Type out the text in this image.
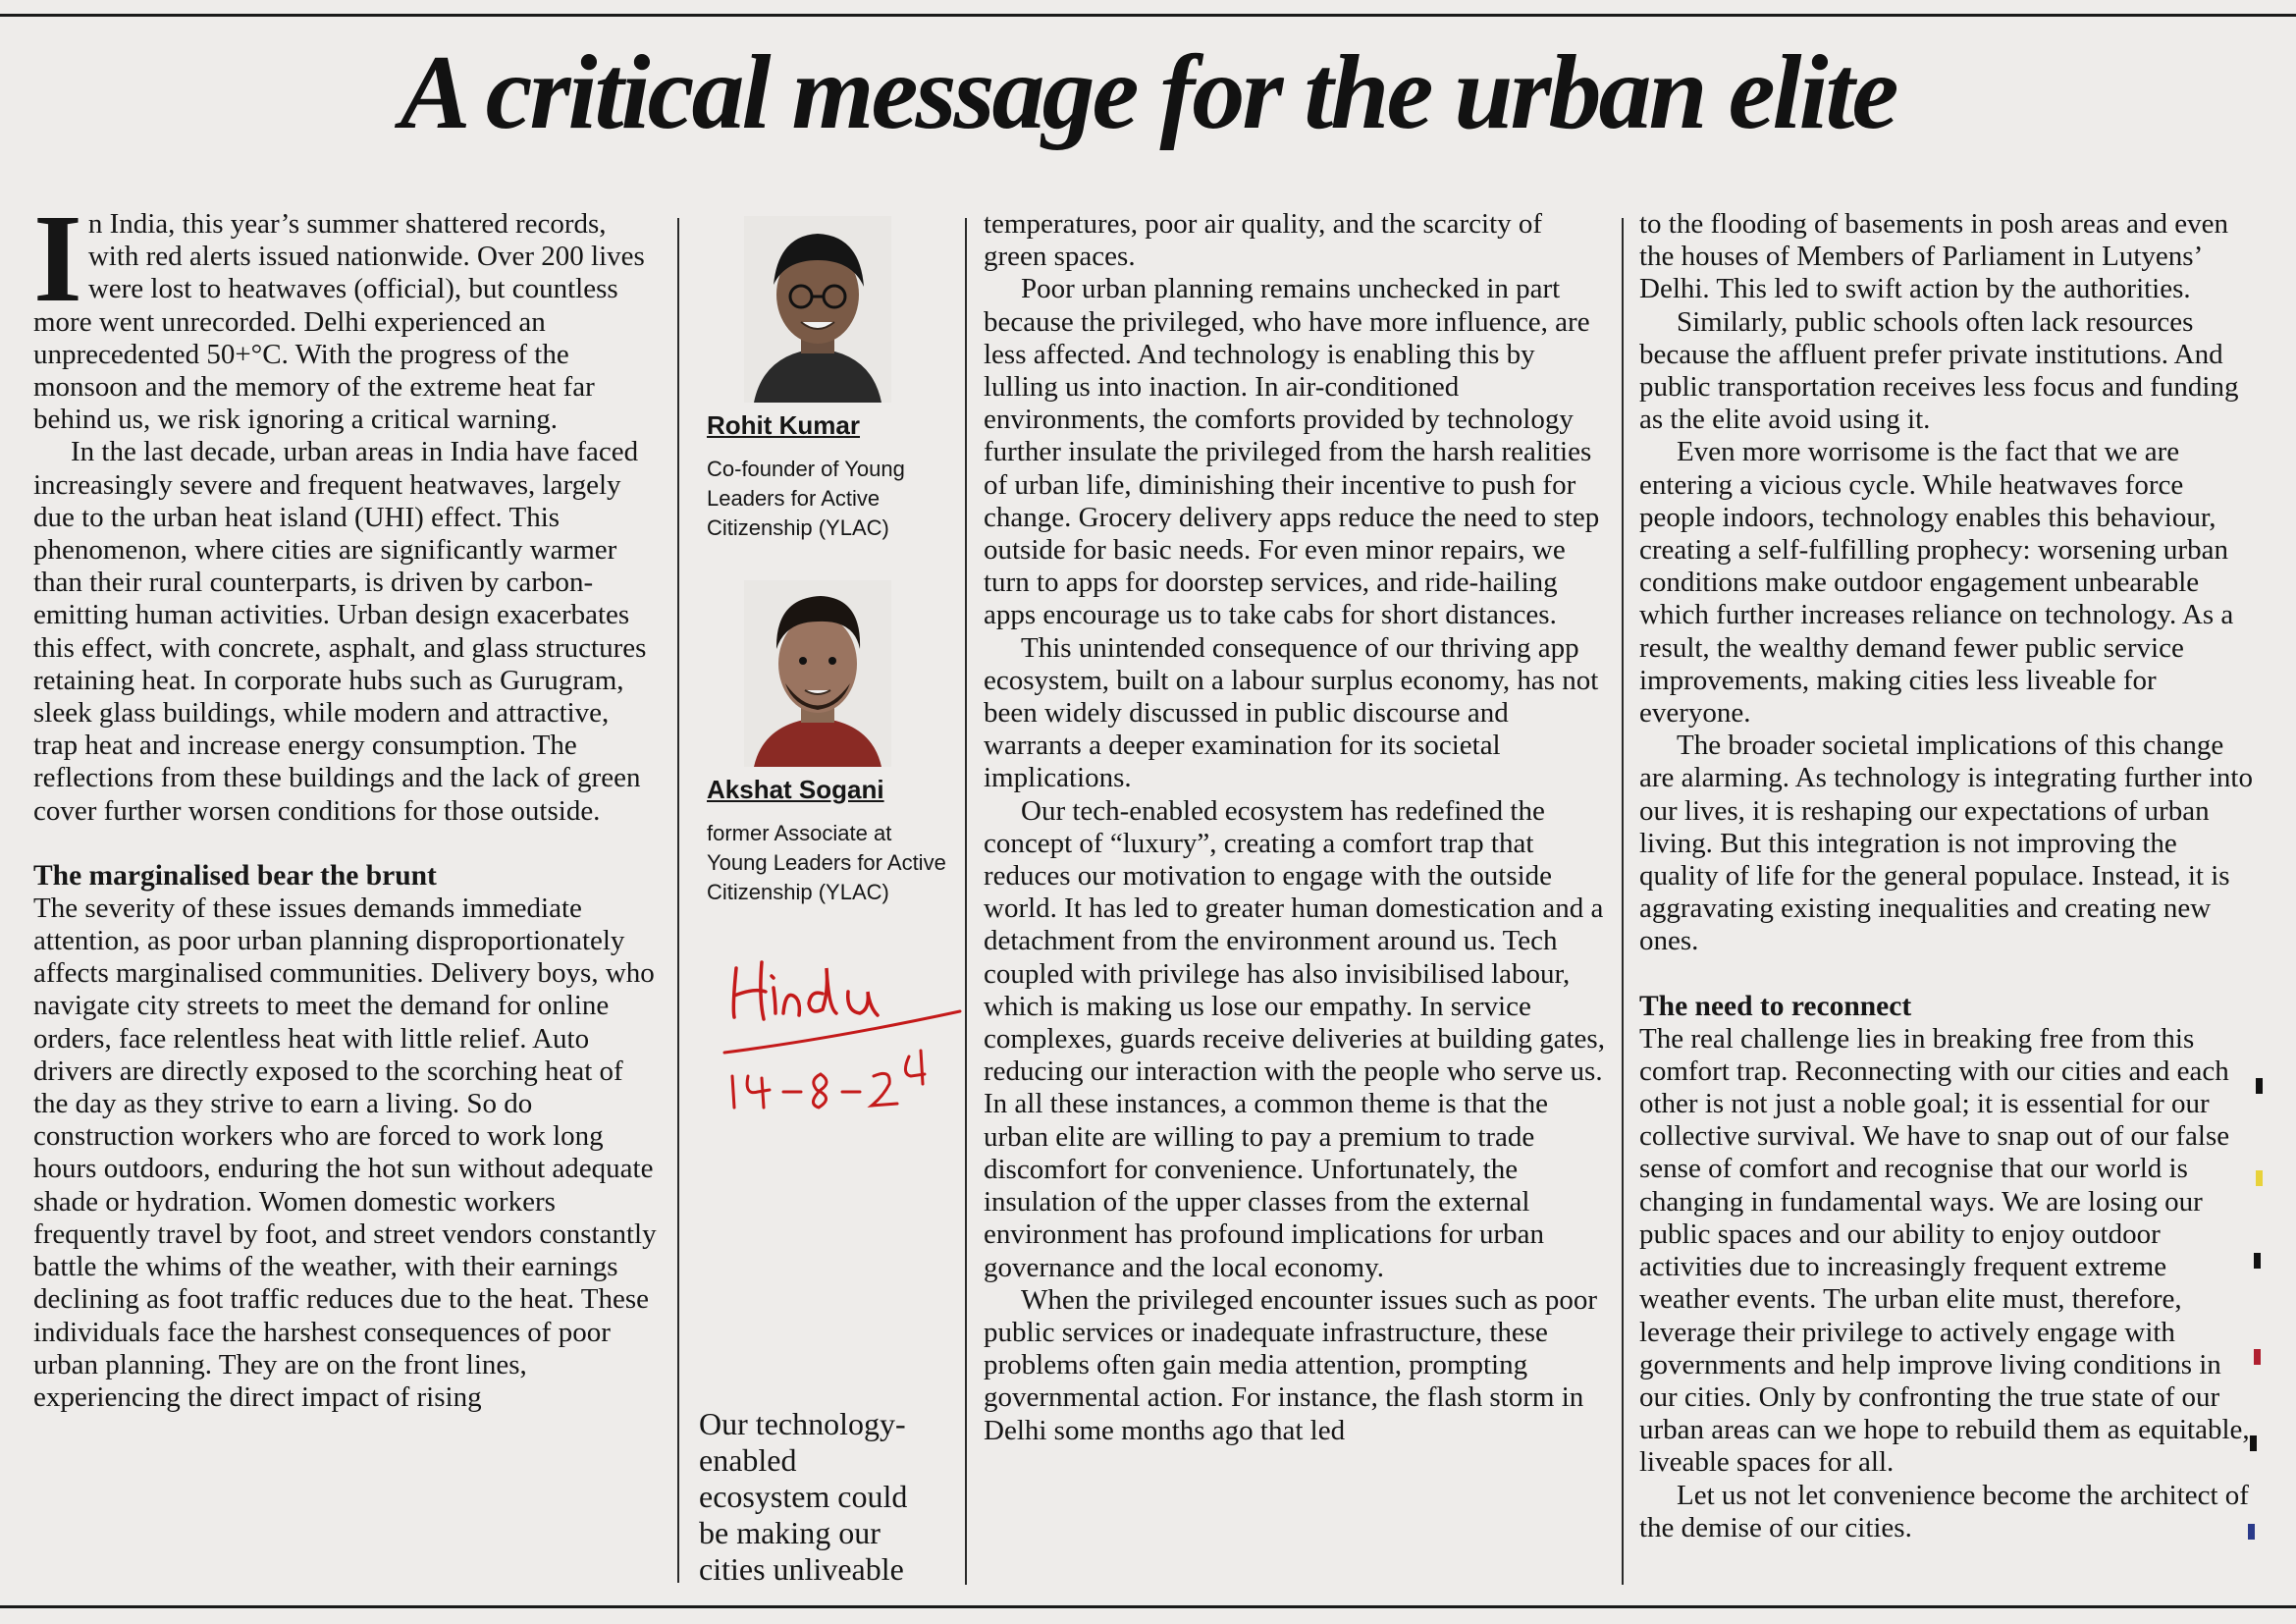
A critical message for the urban elite

In India, this year’s summer shattered records, with red alerts issued nationwide. Over 200 lives were lost to heatwaves (official), but countless more went unrecorded. Delhi experienced an unprecedented 50+°C. With the progress of the monsoon and the memory of the extreme heat far behind us, we risk ignoring a critical warning.

In the last decade, urban areas in India have faced increasingly severe and frequent heatwaves, largely due to the urban heat island (UHI) effect. This phenomenon, where cities are significantly warmer than their rural counterparts, is driven by carbon-emitting human activities. Urban design exacerbates this effect, with concrete, asphalt, and glass structures retaining heat. In corporate hubs such as Gurugram, sleek glass buildings, while modern and attractive, trap heat and increase energy consumption. The reflections from these buildings and the lack of green cover further worsen conditions for those outside.

The marginalised bear the brunt

The severity of these issues demands immediate attention, as poor urban planning disproportionately affects marginalised communities. Delivery boys, who navigate city streets to meet the demand for online orders, face relentless heat with little relief. Auto drivers are directly exposed to the scorching heat of the day as they strive to earn a living. So do construction workers who are forced to work long hours outdoors, enduring the hot sun without adequate shade or hydration. Women domestic workers frequently travel by foot, and street vendors constantly battle the whims of the weather, with their earnings declining as foot traffic reduces due to the heat. These individuals face the harshest consequences of poor urban planning. They are on the front lines, experiencing the direct impact of rising

Rohit Kumar
Co-founder of Young Leaders for Active Citizenship (YLAC)
Akshat Sogani
former Associate at Young Leaders for Active Citizenship (YLAC)
Our technology-enabled ecosystem could be making our cities unliveable

temperatures, poor air quality, and the scarcity of green spaces.

Poor urban planning remains unchecked in part because the privileged, who have more influence, are less affected. And technology is enabling this by lulling us into inaction. In air-conditioned environments, the comforts provided by technology further insulate the privileged from the harsh realities of urban life, diminishing their incentive to push for change. Grocery delivery apps reduce the need to step outside for basic needs. For even minor repairs, we turn to apps for doorstep services, and ride-hailing apps encourage us to take cabs for short distances.

This unintended consequence of our thriving app ecosystem, built on a labour surplus economy, has not been widely discussed in public discourse and warrants a deeper examination for its societal implications.

Our tech-enabled ecosystem has redefined the concept of “luxury”, creating a comfort trap that reduces our motivation to engage with the outside world. It has led to greater human domestication and a detachment from the environment around us. Tech coupled with privilege has also invisibilised labour, which is making us lose our empathy. In service complexes, guards receive deliveries at building gates, reducing our interaction with the people who serve us. In all these instances, a common theme is that the urban elite are willing to pay a premium to trade discomfort for convenience. Unfortunately, the insulation of the upper classes from the external environment has profound implications for urban governance and the local economy.

When the privileged encounter issues such as poor public services or inadequate infrastructure, these problems often gain media attention, prompting governmental action. For instance, the flash storm in Delhi some months ago that led

to the flooding of basements in posh areas and even the houses of Members of Parliament in Lutyens’ Delhi. This led to swift action by the authorities.

Similarly, public schools often lack resources because the affluent prefer private institutions. And public transportation receives less focus and funding as the elite avoid using it.

Even more worrisome is the fact that we are entering a vicious cycle. While heatwaves force people indoors, technology enables this behaviour, creating a self-fulfilling prophecy: worsening urban conditions make outdoor engagement unbearable which further increases reliance on technology. As a result, the wealthy demand fewer public service improvements, making cities less liveable for everyone.

The broader societal implications of this change are alarming. As technology is integrating further into our lives, it is reshaping our expectations of urban living. But this integration is not improving the quality of life for the general populace. Instead, it is aggravating existing inequalities and creating new ones.

The need to reconnect

The real challenge lies in breaking free from this comfort trap. Reconnecting with our cities and each other is not just a noble goal; it is essential for our collective survival. We have to snap out of our false sense of comfort and recognise that our world is changing in fundamental ways. We are losing our public spaces and our ability to enjoy outdoor activities due to increasingly frequent extreme weather events. The urban elite must, therefore, leverage their privilege to actively engage with governments and help improve living conditions in our cities. Only by confronting the true state of our urban areas can we hope to rebuild them as equitable, liveable spaces for all.

Let us not let convenience become the architect of the demise of our cities.
